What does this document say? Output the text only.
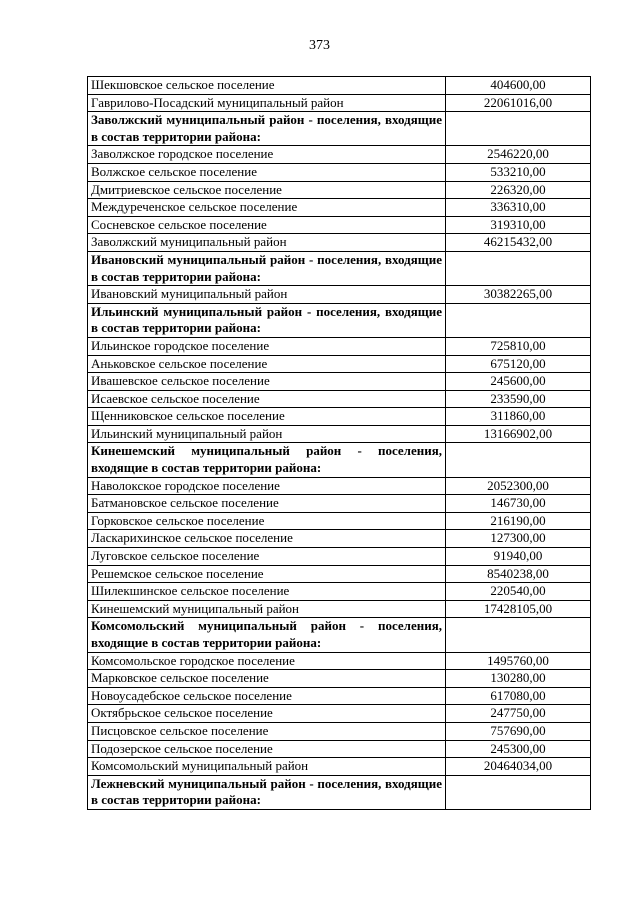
373
Шекшовское сельское поселение	404600,00
Гаврилово-Посадский муниципальный район	22061016,00
Заволжский муниципальный район - поселения, входящие в состав территории района:	
Заволжское городское поселение	2546220,00
Волжское сельское поселение	533210,00
Дмитриевское сельское поселение	226320,00
Междуреченское сельское поселение	336310,00
Сосневское сельское поселение	319310,00
Заволжский муниципальный район	46215432,00
Ивановский муниципальный район - поселения, входящие в состав территории района:	
Ивановский муниципальный район	30382265,00
Ильинский муниципальный район - поселения, входящие в состав территории района:	
Ильинское городское поселение	725810,00
Аньковское сельское поселение	675120,00
Ивашевское сельское поселение	245600,00
Исаевское сельское поселение	233590,00
Щенниковское сельское поселение	311860,00
Ильинский муниципальный район	13166902,00
Кинешемский муниципальный район - поселения, входящие в состав территории района:	
Наволокское городское поселение	2052300,00
Батмановское сельское поселение	146730,00
Горковское сельское поселение	216190,00
Ласкарихинское сельское поселение	127300,00
Луговское сельское поселение	91940,00
Решемское сельское поселение	8540238,00
Шилекшинское сельское поселение	220540,00
Кинешемский муниципальный район	17428105,00
Комсомольский муниципальный район - поселения, входящие в состав территории района:	
Комсомольское городское поселение	1495760,00
Марковское сельское поселение	130280,00
Новоусадебское сельское поселение	617080,00
Октябрьское сельское поселение	247750,00
Писцовское сельское поселение	757690,00
Подозерское сельское поселение	245300,00
Комсомольский муниципальный район	20464034,00
Лежневский муниципальный район - поселения, входящие в состав территории района:	
